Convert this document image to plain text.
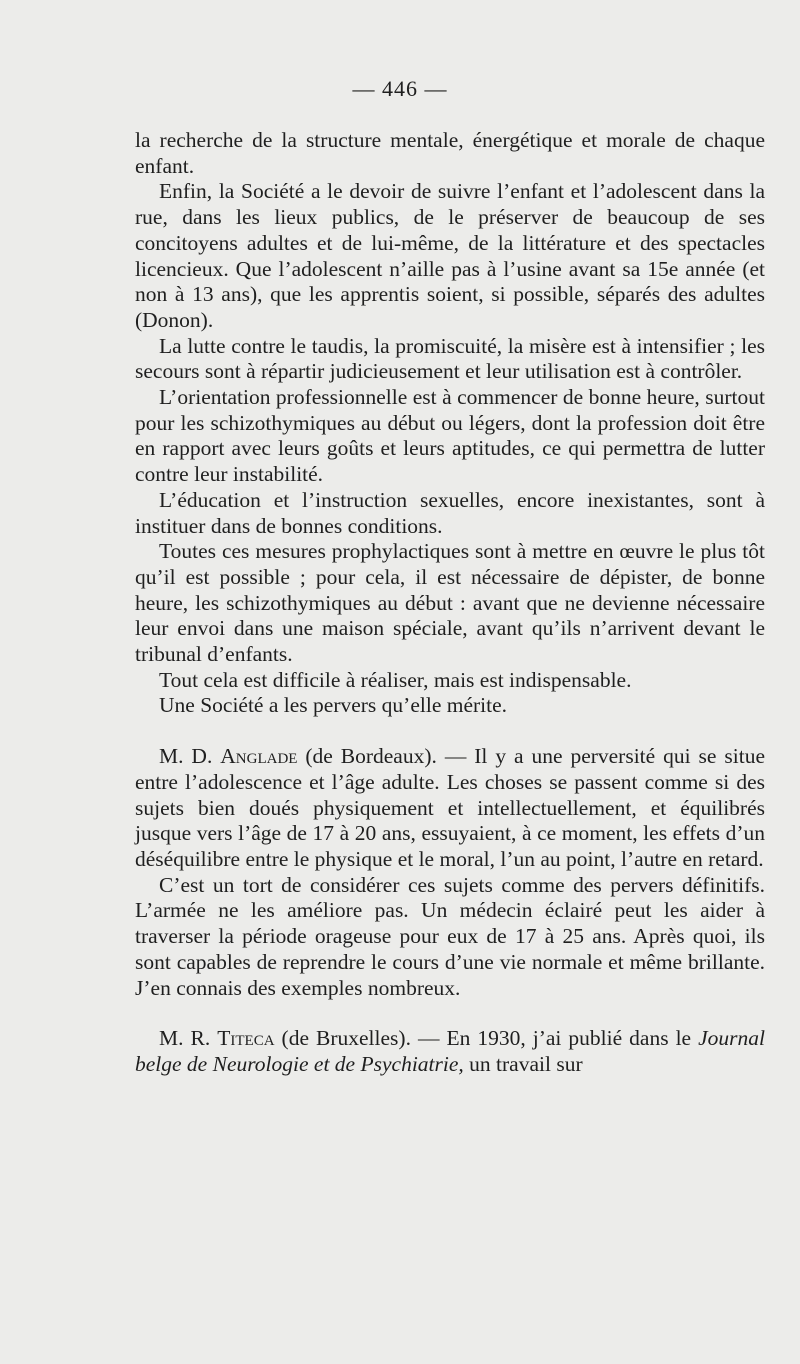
— 446 —

la recherche de la structure mentale, énergétique et morale de chaque enfant.

Enfin, la Société a le devoir de suivre l’enfant et l’adolescent dans la rue, dans les lieux publics, de le préserver de beaucoup de ses concitoyens adultes et de lui-même, de la littérature et des spectacles licencieux. Que l’adolescent n’aille pas à l’usine avant sa 15e année (et non à 13 ans), que les apprentis soient, si possible, séparés des adultes (Donon).

La lutte contre le taudis, la promiscuité, la misère est à intensifier ; les secours sont à répartir judicieusement et leur utilisation est à contrôler.

L’orientation professionnelle est à commencer de bonne heure, surtout pour les schizothymiques au début ou légers, dont la profession doit être en rapport avec leurs goûts et leurs aptitudes, ce qui permettra de lutter contre leur instabilité.

L’éducation et l’instruction sexuelles, encore inexistantes, sont à instituer dans de bonnes conditions.

Toutes ces mesures prophylactiques sont à mettre en œuvre le plus tôt qu’il est possible ; pour cela, il est nécessaire de dépister, de bonne heure, les schizothymiques au début : avant que ne devienne nécessaire leur envoi dans une maison spéciale, avant qu’ils n’arrivent devant le tribunal d’enfants.

Tout cela est difficile à réaliser, mais est indispensable.

Une Société a les pervers qu’elle mérite.

M. D. Anglade (de Bordeaux). — Il y a une perversité qui se situe entre l’adolescence et l’âge adulte. Les choses se passent comme si des sujets bien doués physiquement et intellectuellement, et équilibrés jusque vers l’âge de 17 à 20 ans, essuyaient, à ce moment, les effets d’un déséquilibre entre le physique et le moral, l’un au point, l’autre en retard.

C’est un tort de considérer ces sujets comme des pervers définitifs. L’armée ne les améliore pas. Un médecin éclairé peut les aider à traverser la période orageuse pour eux de 17 à 25 ans. Après quoi, ils sont capables de reprendre le cours d’une vie normale et même brillante. J’en connais des exemples nombreux.

M. R. Titeca (de Bruxelles). — En 1930, j’ai publié dans le Journal belge de Neurologie et de Psychiatrie, un travail sur
